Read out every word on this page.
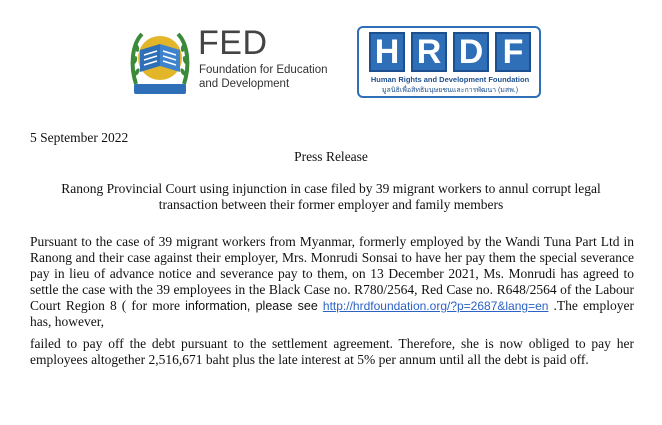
FED
Foundation for Education
and Development
H R D F
Human Rights and Development Foundation
มูลนิธิเพื่อสิทธิมนุษยชนและการพัฒนา (มสพ.)
5 September 2022
Press Release
Ranong Provincial Court using injunction in case filed by 39 migrant workers to annul corrupt legal transaction between their former employer and family members

Pursuant to the case of 39 migrant workers from Myanmar, formerly employed by the Wandi Tuna Part Ltd in Ranong and their case against their employer, Mrs. Monrudi Sonsai to have her pay them the special severance pay in lieu of advance notice and severance pay to them, on 13 December 2021, Ms. Monrudi has agreed to settle the case with the 39 employees in the Black Case no. R780/2564, Red Case no. R648/2564 of the Labour Court Region 8 ( for more information, please see http://hrdfoundation.org/?p=2687&lang=en .The employer has, however,

failed to pay off the debt pursuant to the settlement agreement. Therefore, she is now obliged to pay her employees altogether 2,516,671 baht plus the late interest at 5% per annum until all the debt is paid off.
